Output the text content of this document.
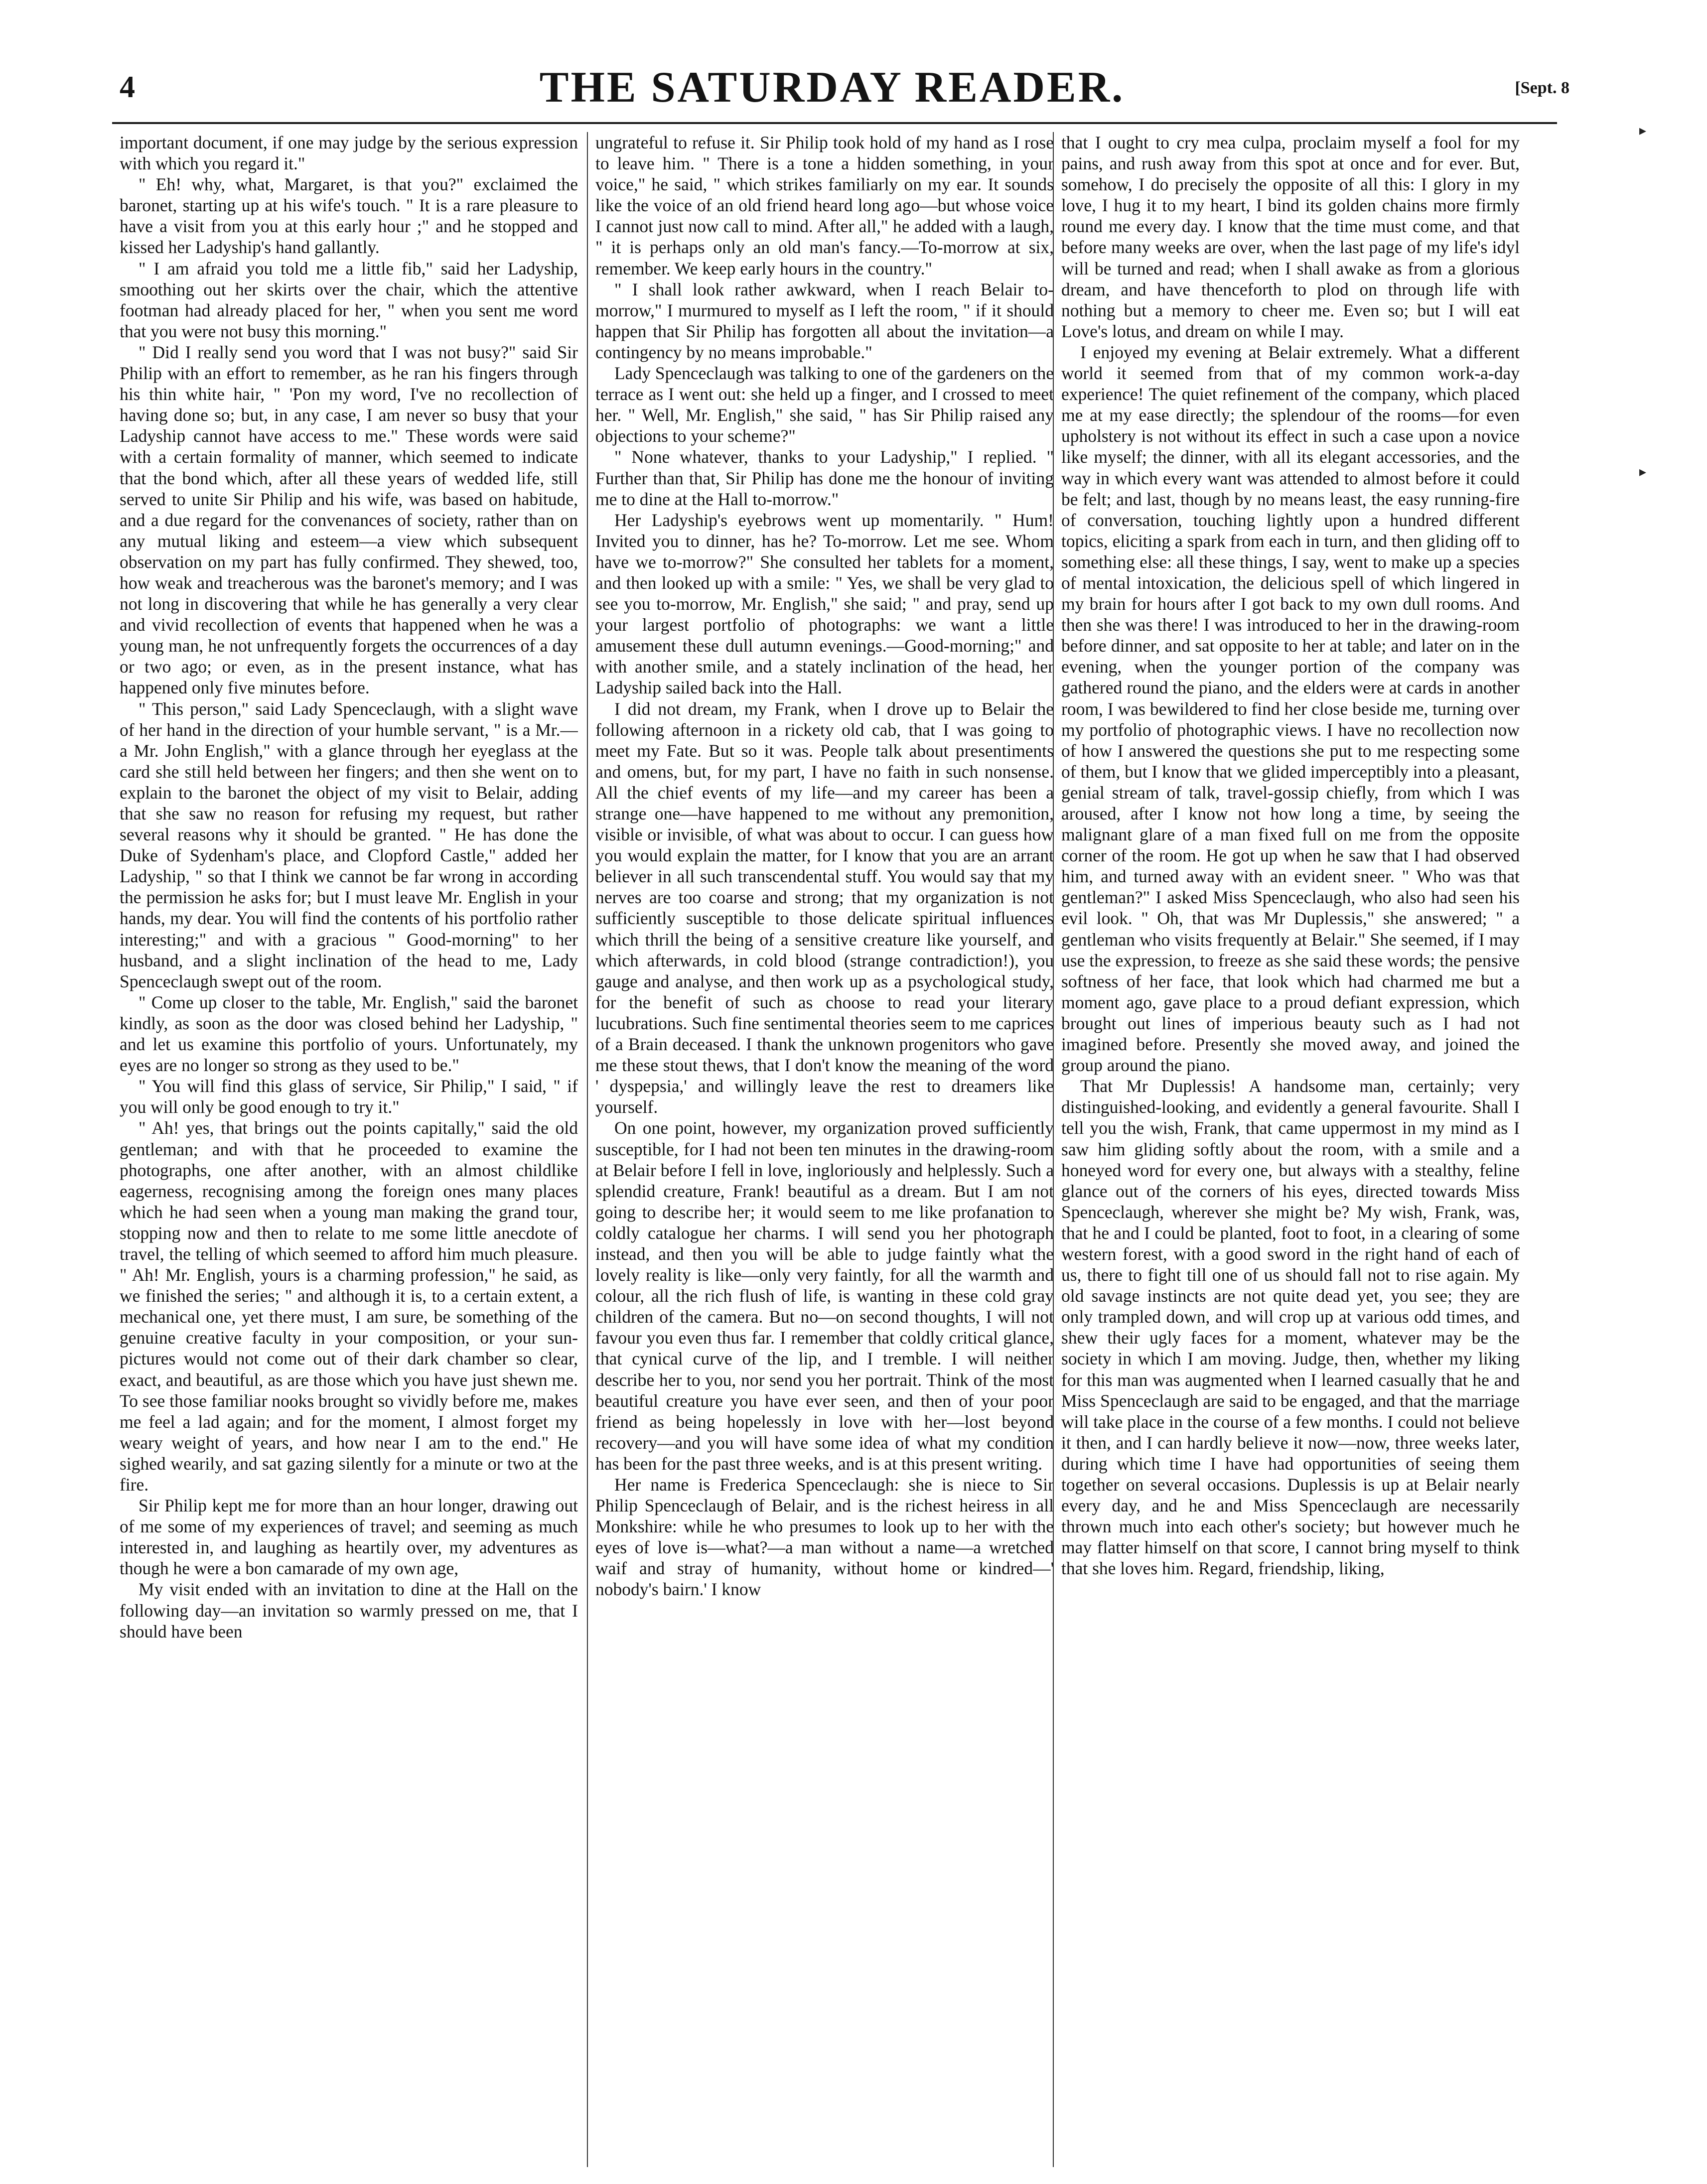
4	THE SATURDAY READER.	[Sept. 8

important document, if one may judge by the serious expression with which you regard it."

" Eh! why, what, Margaret, is that you?" exclaimed the baronet, starting up at his wife's touch. " It is a rare pleasure to have a visit from you at this early hour ;" and he stopped and kissed her Ladyship's hand gallantly.

" I am afraid you told me a little fib," said her Ladyship, smoothing out her skirts over the chair, which the attentive footman had already placed for her, " when you sent me word that you were not busy this morning."

" Did I really send you word that I was not busy?" said Sir Philip with an effort to remember, as he ran his fingers through his thin white hair, " 'Pon my word, I've no recollection of having done so; but, in any case, I am never so busy that your Ladyship cannot have access to me." These words were said with a certain formality of manner, which seemed to indicate that the bond which, after all these years of wedded life, still served to unite Sir Philip and his wife, was based on habitude, and a due regard for the convenances of society, rather than on any mutual liking and esteem—a view which subsequent observation on my part has fully confirmed. They shewed, too, how weak and treacherous was the baronet's memory; and I was not long in discovering that while he has generally a very clear and vivid recollection of events that happened when he was a young man, he not unfrequently forgets the occurrences of a day or two ago; or even, as in the present instance, what has happened only five minutes before.

" This person," said Lady Spenceclaugh, with a slight wave of her hand in the direction of your humble servant, " is a Mr.—a Mr. John English," with a glance through her eyeglass at the card she still held between her fingers; and then she went on to explain to the baronet the object of my visit to Belair, adding that she saw no reason for refusing my request, but rather several reasons why it should be granted. " He has done the Duke of Sydenham's place, and Clopford Castle," added her Ladyship, " so that I think we cannot be far wrong in according the permission he asks for; but I must leave Mr. English in your hands, my dear. You will find the contents of his portfolio rather interesting;" and with a gracious " Good-morning" to her husband, and a slight inclination of the head to me, Lady Spenceclaugh swept out of the room.

" Come up closer to the table, Mr. English," said the baronet kindly, as soon as the door was closed behind her Ladyship, " and let us examine this portfolio of yours. Unfortunately, my eyes are no longer so strong as they used to be."

" You will find this glass of service, Sir Philip," I said, " if you will only be good enough to try it."

" Ah! yes, that brings out the points capitally," said the old gentleman; and with that he proceeded to examine the photographs, one after another, with an almost childlike eagerness, recognising among the foreign ones many places which he had seen when a young man making the grand tour, stopping now and then to relate to me some little anecdote of travel, the telling of which seemed to afford him much pleasure. " Ah! Mr. English, yours is a charming profession," he said, as we finished the series; " and although it is, to a certain extent, a mechanical one, yet there must, I am sure, be something of the genuine creative faculty in your composition, or your sun-pictures would not come out of their dark chamber so clear, exact, and beautiful, as are those which you have just shewn me. To see those familiar nooks brought so vividly before me, makes me feel a lad again; and for the moment, I almost forget my weary weight of years, and how near I am to the end." He sighed wearily, and sat gazing silently for a minute or two at the fire.

Sir Philip kept me for more than an hour longer, drawing out of me some of my experiences of travel; and seeming as much interested in, and laughing as heartily over, my adventures as though he were a bon camarade of my own age,

My visit ended with an invitation to dine at the Hall on the following day—an invitation so warmly pressed on me, that I should have been

ungrateful to refuse it. Sir Philip took hold of my hand as I rose to leave him. " There is a tone a hidden something, in your voice," he said, " which strikes familiarly on my ear. It sounds like the voice of an old friend heard long ago—but whose voice I cannot just now call to mind. After all," he added with a laugh, " it is perhaps only an old man's fancy.—To-morrow at six, remember. We keep early hours in the country."

" I shall look rather awkward, when I reach Belair to-morrow," I murmured to myself as I left the room, " if it should happen that Sir Philip has forgotten all about the invitation—a contingency by no means improbable."

Lady Spenceclaugh was talking to one of the gardeners on the terrace as I went out: she held up a finger, and I crossed to meet her. " Well, Mr. English," she said, " has Sir Philip raised any objections to your scheme?"

" None whatever, thanks to your Ladyship," I replied. " Further than that, Sir Philip has done me the honour of inviting me to dine at the Hall to-morrow."

Her Ladyship's eyebrows went up momentarily. " Hum! Invited you to dinner, has he? To-morrow. Let me see. Whom have we to-morrow?" She consulted her tablets for a moment, and then looked up with a smile: " Yes, we shall be very glad to see you to-morrow, Mr. English," she said; " and pray, send up your largest portfolio of photographs: we want a little amusement these dull autumn evenings.—Good-morning;" and with another smile, and a stately inclination of the head, her Ladyship sailed back into the Hall.

I did not dream, my Frank, when I drove up to Belair the following afternoon in a rickety old cab, that I was going to meet my Fate. But so it was. People talk about presentiments and omens, but, for my part, I have no faith in such nonsense. All the chief events of my life—and my career has been a strange one—have happened to me without any premonition, visible or invisible, of what was about to occur. I can guess how you would explain the matter, for I know that you are an arrant believer in all such transcendental stuff. You would say that my nerves are too coarse and strong; that my organization is not sufficiently susceptible to those delicate spiritual influences which thrill the being of a sensitive creature like yourself, and which afterwards, in cold blood (strange contradiction!), you gauge and analyse, and then work up as a psychological study, for the benefit of such as choose to read your literary lucubrations. Such fine sentimental theories seem to me caprices of a Brain deceased. I thank the unknown progenitors who gave me these stout thews, that I don't know the meaning of the word ' dyspepsia,' and willingly leave the rest to dreamers like yourself.

On one point, however, my organization proved sufficiently susceptible, for I had not been ten minutes in the drawing-room at Belair before I fell in love, ingloriously and helplessly. Such a splendid creature, Frank! beautiful as a dream. But I am not going to describe her; it would seem to me like profanation to coldly catalogue her charms. I will send you her photograph instead, and then you will be able to judge faintly what the lovely reality is like—only very faintly, for all the warmth and colour, all the rich flush of life, is wanting in these cold gray children of the camera. But no—on second thoughts, I will not favour you even thus far. I remember that coldly critical glance, that cynical curve of the lip, and I tremble. I will neither describe her to you, nor send you her portrait. Think of the most beautiful creature you have ever seen, and then of your poor friend as being hopelessly in love with her—lost beyond recovery—and you will have some idea of what my condition has been for the past three weeks, and is at this present writing.

Her name is Frederica Spenceclaugh: she is niece to Sir Philip Spenceclaugh of Belair, and is the richest heiress in all Monkshire: while he who presumes to look up to her with the eyes of love is—what?—a man without a name—a wretched waif and stray of humanity, without home or kindred—' nobody's bairn.' I know

that I ought to cry mea culpa, proclaim myself a fool for my pains, and rush away from this spot at once and for ever. But, somehow, I do precisely the opposite of all this: I glory in my love, I hug it to my heart, I bind its golden chains more firmly round me every day. I know that the time must come, and that before many weeks are over, when the last page of my life's idyl will be turned and read; when I shall awake as from a glorious dream, and have thenceforth to plod on through life with nothing but a memory to cheer me. Even so; but I will eat Love's lotus, and dream on while I may.

I enjoyed my evening at Belair extremely. What a different world it seemed from that of my common work-a-day experience! The quiet refinement of the company, which placed me at my ease directly; the splendour of the rooms—for even upholstery is not without its effect in such a case upon a novice like myself; the dinner, with all its elegant accessories, and the way in which every want was attended to almost before it could be felt; and last, though by no means least, the easy running-fire of conversation, touching lightly upon a hundred different topics, eliciting a spark from each in turn, and then gliding off to something else: all these things, I say, went to make up a species of mental intoxication, the delicious spell of which lingered in my brain for hours after I got back to my own dull rooms. And then she was there! I was introduced to her in the drawing-room before dinner, and sat opposite to her at table; and later on in the evening, when the younger portion of the company was gathered round the piano, and the elders were at cards in another room, I was bewildered to find her close beside me, turning over my portfolio of photographic views. I have no recollection now of how I answered the questions she put to me respecting some of them, but I know that we glided imperceptibly into a pleasant, genial stream of talk, travel-gossip chiefly, from which I was aroused, after I know not how long a time, by seeing the malignant glare of a man fixed full on me from the opposite corner of the room. He got up when he saw that I had observed him, and turned away with an evident sneer. " Who was that gentleman?" I asked Miss Spenceclaugh, who also had seen his evil look. " Oh, that was Mr Duplessis," she answered; " a gentleman who visits frequently at Belair." She seemed, if I may use the expression, to freeze as she said these words; the pensive softness of her face, that look which had charmed me but a moment ago, gave place to a proud defiant expression, which brought out lines of imperious beauty such as I had not imagined before. Presently she moved away, and joined the group around the piano.

That Mr Duplessis! A handsome man, certainly; very distinguished-looking, and evidently a general favourite. Shall I tell you the wish, Frank, that came uppermost in my mind as I saw him gliding softly about the room, with a smile and a honeyed word for every one, but always with a stealthy, feline glance out of the corners of his eyes, directed towards Miss Spenceclaugh, wherever she might be? My wish, Frank, was, that he and I could be planted, foot to foot, in a clearing of some western forest, with a good sword in the right hand of each of us, there to fight till one of us should fall not to rise again. My old savage instincts are not quite dead yet, you see; they are only trampled down, and will crop up at various odd times, and shew their ugly faces for a moment, whatever may be the society in which I am moving. Judge, then, whether my liking for this man was augmented when I learned casually that he and Miss Spenceclaugh are said to be engaged, and that the marriage will take place in the course of a few months. I could not believe it then, and I can hardly believe it now—now, three weeks later, during which time I have had opportunities of seeing them together on several occasions. Duplessis is up at Belair nearly every day, and he and Miss Spenceclaugh are necessarily thrown much into each other's society; but however much he may flatter himself on that score, I cannot bring myself to think that she loves him. Regard, friendship, liking,

▸
▸
